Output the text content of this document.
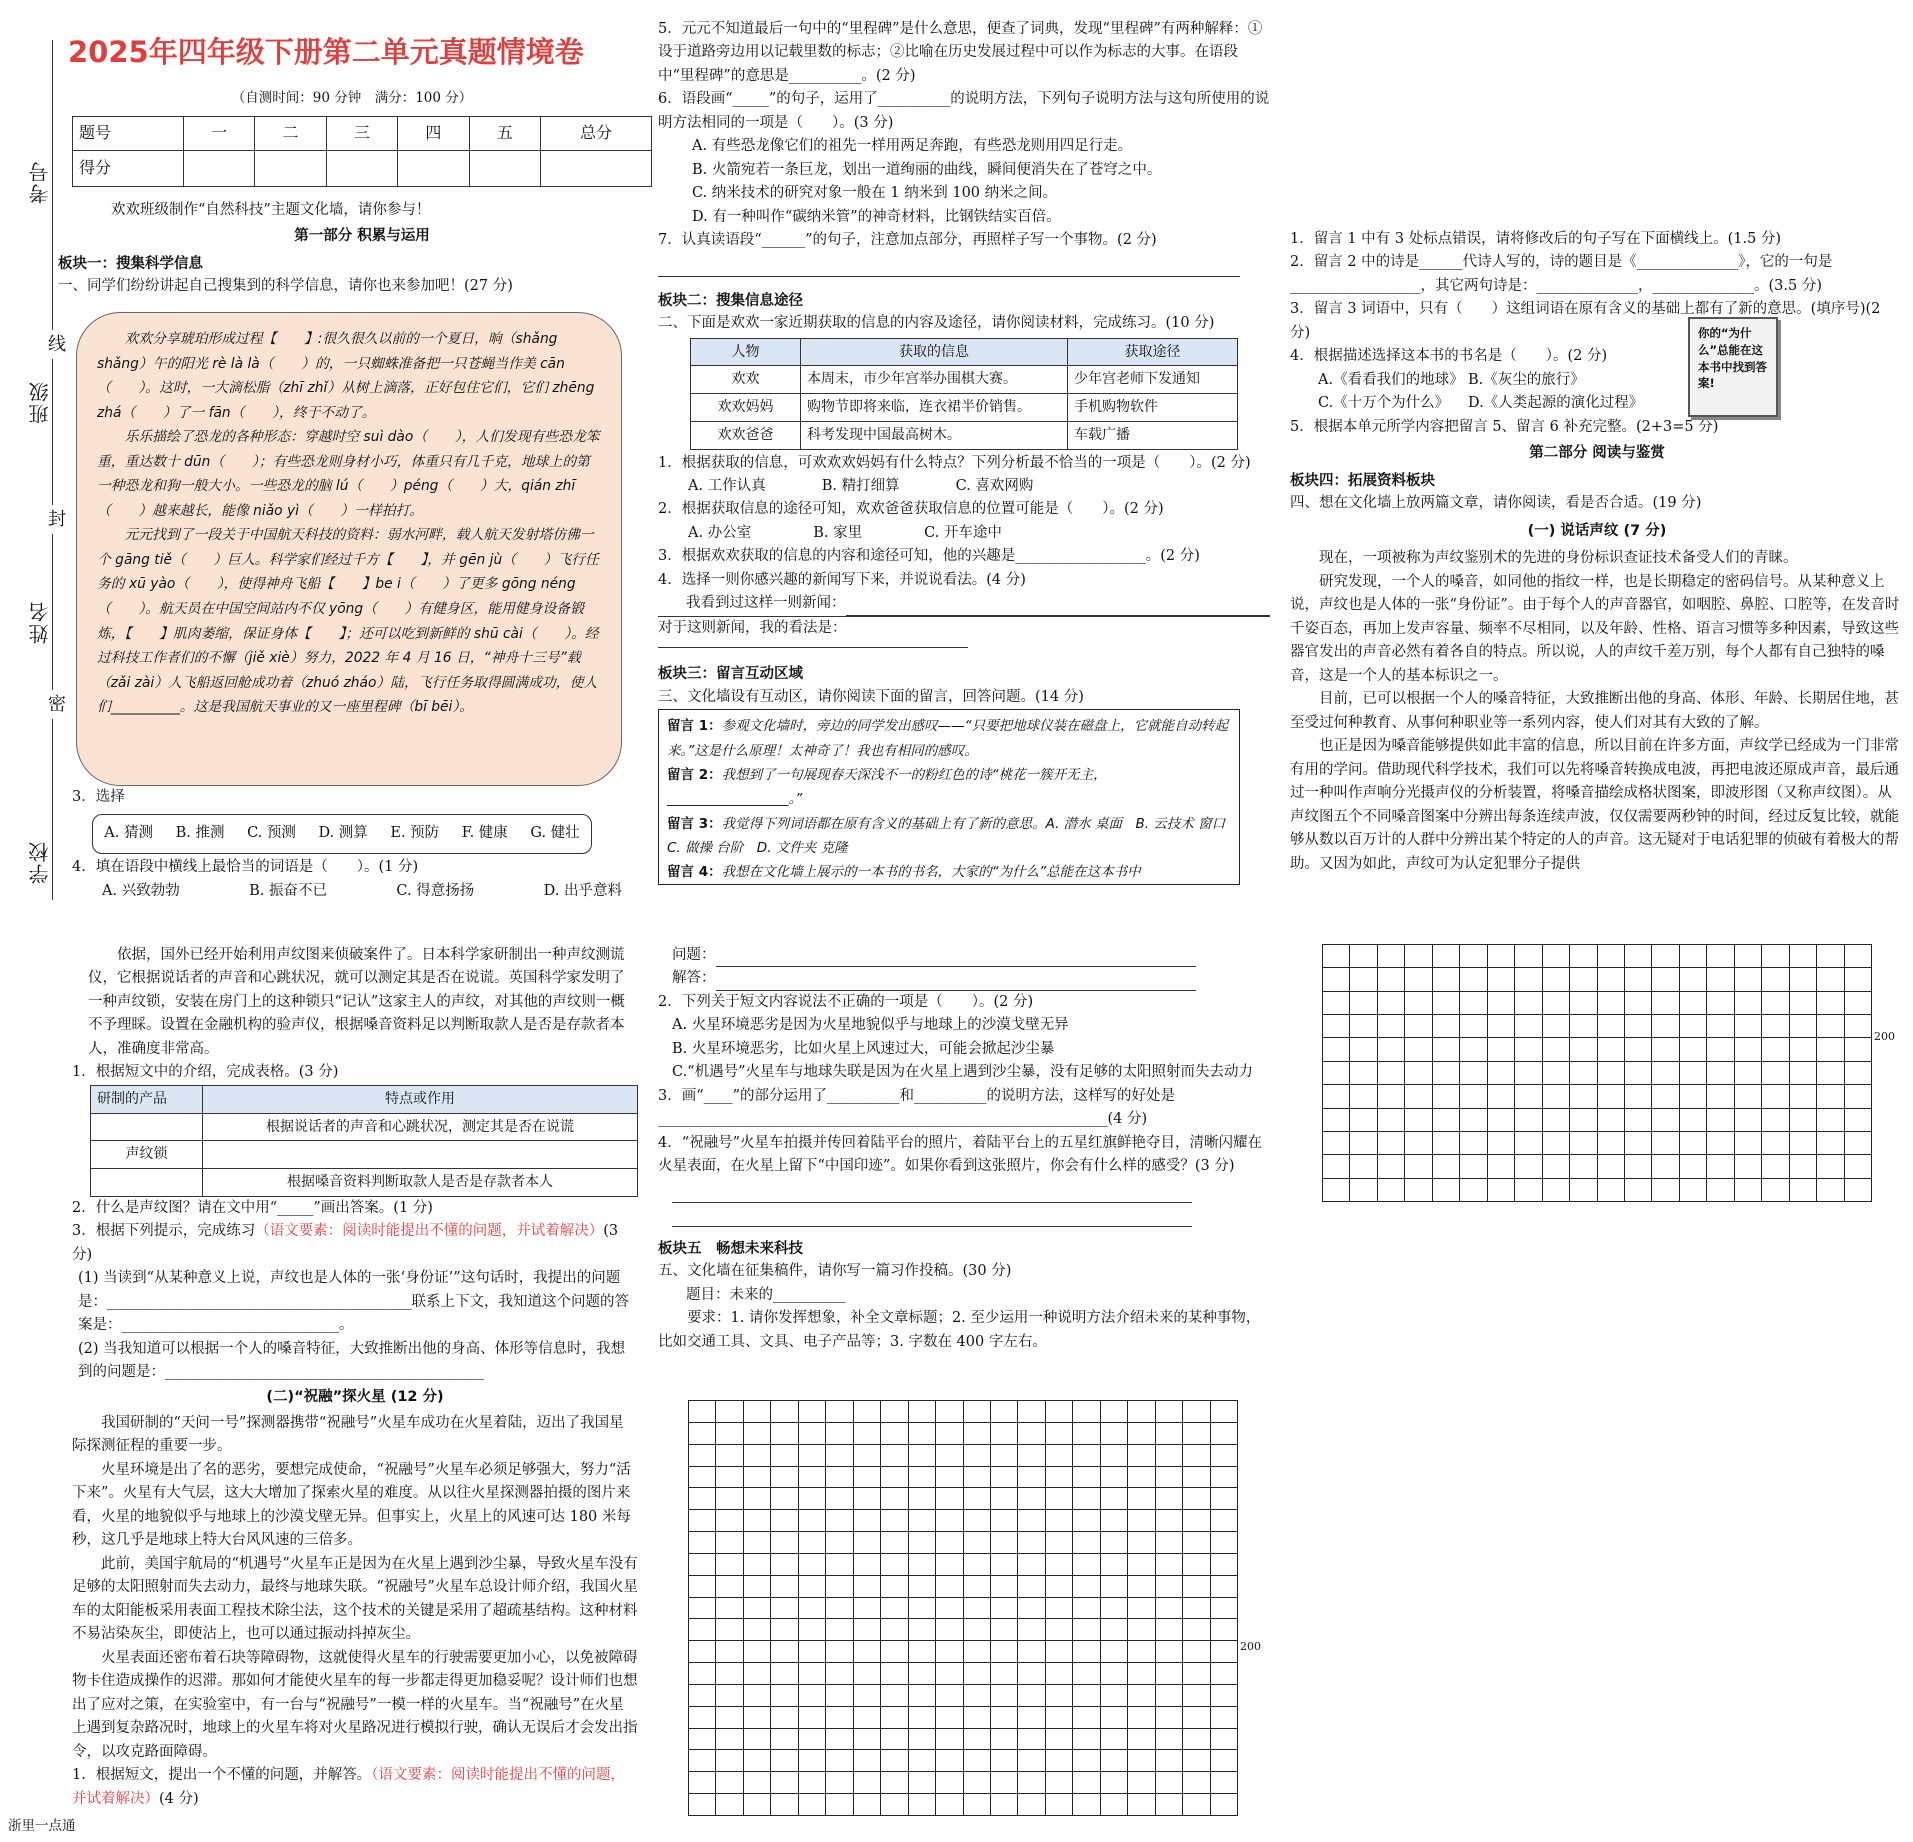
考号
班级
姓名
学校
线
封
密
2025年四年级下册第二单元真题情境卷
（自测时间：90 分钟　满分：100 分）
题号	一	二	三	四	五	总分
得分						
欢欢班级制作“自然科技”主题文化墙，请你参与！
第一部分 积累与运用
板块一：搜集科学信息
一、同学们纷纷讲起自己搜集到的科学信息，请你也来参加吧！(27 分)
欢欢分享琥珀形成过程【　　】:很久很久以前的一个夏日，晌（shǎng shǎng）午的阳光 rè là là（　　）的，一只蜘蛛准备把一只苍蝇当作美 cān（　　）。这时，一大滴松脂（zhī zhǐ）从树上滴落，正好包住它们，它们 zhēng zhá（　　）了一 fān（　　），终于不动了。
乐乐描绘了恐龙的各种形态：穿越时空 suì dào（　　），人们发现有些恐龙笨重，重达数十 dūn（　　）；有些恐龙则身材小巧，体重只有几千克，地球上的第一种恐龙和狗一般大小。一些恐龙的脑 lú（　　）péng（　　）大，qián zhī（　　）越来越长，能像 niǎo yì（　　）一样拍打。
元元找到了一段关于中国航天科技的资料：弱水河畔，载人航天发射塔仿佛一个 gāng tiě（　　）巨人。科学家们经过千方【　　】，并 gēn jù（　　）飞行任务的 xū yào（　　），使得神舟飞船【　　】be i（　　）了更多 gōng néng（　　）。航天员在中国空间站内不仅 yōng（　　）有健身区，能用健身设备锻炼，【　　】肌肉萎缩，保证身体【　　】；还可以吃到新鲜的 shū cài（　　）。经过科技工作者们的不懈（jiě xiè）努力，2022 年 4 月 16 日，“神舟十三号”载（zǎi zài）人飞船返回舱成功着（zhuó zháo）陆，飞行任务取得圆满成功，使人们__________。这是我国航天事业的又一座里程碑（bī bēi）。
3．选择
A. 猜测 B. 推测 C. 预测 D. 测算 E. 预防 F. 健康 G. 健壮
4．填在语段中横线上最恰当的词语是（　　）。(1 分)
A. 兴致勃勃	B. 振奋不已	C. 得意扬扬	D. 出乎意料
5．元元不知道最后一句中的“里程碑”是什么意思，便查了词典，发现“里程碑”有两种解释：①设于道路旁边用以记载里数的标志；②比喻在历史发展过程中可以作为标志的大事。在语段中“里程碑”的意思是__________。(2 分)
6．语段画“_____”的句子，运用了__________的说明方法，下列句子说明方法与这句所使用的说明方法相同的一项是（　　）。(3 分)
A. 有些恐龙像它们的祖先一样用两足奔跑，有些恐龙则用四足行走。
B. 火箭宛若一条巨龙，划出一道绚丽的曲线，瞬间便消失在了苍穹之中。
C. 纳米技术的研究对象一般在 1 纳米到 100 纳米之间。
D. 有一种叫作“碳纳米管”的神奇材料，比钢铁结实百倍。
7．认真读语段“______”的句子，注意加点部分，再照样子写一个事物。(2 分)
板块二：搜集信息途径
二、下面是欢欢一家近期获取的信息的内容及途径，请你阅读材料，完成练习。(10 分)
人物	获取的信息	获取途径
欢欢	本周末，市少年宫举办围棋大赛。	少年宫老师下发通知
欢欢妈妈	购物节即将来临，连衣裙半价销售。	手机购物软件
欢欢爸爸	科考发现中国最高树木。	车载广播
1．根据获取的信息，可欢欢欢妈妈有什么特点？下列分析最不恰当的一项是（　　）。(2 分)
A. 工作认真	B. 精打细算	C. 喜欢网购
2．根据获取信息的途径可知，欢欢爸爸获取信息的位置可能是（　　）。(2 分)
A. 办公室	B. 家里	C. 开车途中
3．根据欢欢获取的信息的内容和途径可知，他的兴趣是__________________。(2 分)
4．选择一则你感兴趣的新闻写下来，并说说看法。(4 分)
我看到过这样一则新闻：
对于这则新闻，我的看法是：
板块三：留言互动区域
三、文化墙设有互动区，请你阅读下面的留言，回答问题。(14 分)
留言 1：参观文化墙时，旁边的同学发出感叹——“只要把地球仪装在磁盘上，它就能自动转起来。”这是什么原理！太神奇了！我也有相同的感叹。
留言 2：我想到了一句展现春天深浅不一的粉红色的诗“桃花一簇开无主，__________________。”
留言 3：我觉得下列词语都在原有含义的基础上有了新的意思。A. 潜水 桌面　B. 云技术 窗口　C. 做操 台阶　D. 文件夹 克隆
留言 4：我想在文化墙上展示的一本书的书名，大家的“为什么”总能在这本书中
1．留言 1 中有 3 处标点错误，请将修改后的句子写在下面横线上。(1.5 分)
2．留言 2 中的诗是______代诗人写的，诗的题目是《______________》，它的一句是__________________，其它两句诗是：______________，______________。(3.5 分)
3．留言 3 词语中，只有（　　）这组词语在原有含义的基础上都有了新的意思。(填序号)(2 分)
4．根据描述选择这本书的书名是（　　）。(2 分)
A.《看看我们的地球》 B.《灰尘的旅行》
C.《十万个为什么》	D.《人类起源的演化过程》
你的“为什么”总能在这本书中找到答案!
5．根据本单元所学内容把留言 5、留言 6 补充完整。(2+3=5 分)
第二部分 阅读与鉴赏
板块四：拓展资料板块
四、想在文化墙上放两篇文章，请你阅读，看是否合适。(19 分)
(一) 说话声纹 (7 分)
现在，一项被称为声纹鉴别术的先进的身份标识查证技术备受人们的青睐。
研究发现，一个人的嗓音，如同他的指纹一样，也是长期稳定的密码信号。从某种意义上说，声纹也是人体的一张“身份证”。由于每个人的声音器官，如咽腔、鼻腔、口腔等，在发音时千姿百态，再加上发声容量、频率不尽相同，以及年龄、性格、语言习惯等多种因素，导致这些器官发出的声音必然有着各自的特点。所以说，人的声纹千差万别，每个人都有自己独特的嗓音，这是一个人的基本标识之一。
目前，已可以根据一个人的嗓音特征，大致推断出他的身高、体形、年龄、长期居住地，甚至受过何种教育、从事何种职业等一系列内容，使人们对其有大致的了解。
也正是因为嗓音能够提供如此丰富的信息，所以目前在许多方面，声纹学已经成为一门非常有用的学问。借助现代科学技术，我们可以先将嗓音转换成电波，再把电波还原成声音，最后通过一种叫作声响分光摄声仪的分析装置，将嗓音描绘成格状图案，即波形图（又称声纹图）。从声纹图五个不同嗓音图案中分辨出每条连续声波，仅仅需要两秒钟的时间，经过反复比较，就能够从数以百万计的人群中分辨出某个特定的人的声音。这无疑对于电话犯罪的侦破有着极大的帮助。又因为如此，声纹可为认定犯罪分子提供
依据，国外已经开始利用声纹图来侦破案件了。日本科学家研制出一种声纹测谎仪，它根据说话者的声音和心跳状况，就可以测定其是否在说谎。英国科学家发明了一种声纹锁，安装在房门上的这种锁只“记认”这家主人的声纹，对其他的声纹则一概不予理睬。设置在金融机构的验声仪，根据嗓音资料足以判断取款人是否是存款者本人，准确度非常高。
1．根据短文中的介绍，完成表格。(3 分)
研制的产品	特点或作用
	根据说话者的声音和心跳状况，测定其是否在说谎
声纹锁	
	根据嗓音资料判断取款人是否是存款者本人
2．什么是声纹图？请在文中用“_____”画出答案。(1 分)
3．根据下列提示，完成练习（语文要素：阅读时能提出不懂的问题，并试着解决）(3 分)
(1) 当读到“从某种意义上说，声纹也是人体的一张‘身份证’”这句话时，我提出的问题是：__________________________________________联系上下文，我知道这个问题的答案是：______________________________。
(2) 当我知道可以根据一个人的嗓音特征，大致推断出他的身高、体形等信息时，我想到的问题是：____________________________________________
(二)“祝融”探火星 (12 分)
我国研制的“天问一号”探测器携带“祝融号”火星车成功在火星着陆，迈出了我国星际探测征程的重要一步。
火星环境是出了名的恶劣，要想完成使命，“祝融号”火星车必须足够强大，努力“活下来”。火星有大气层，这大大增加了探索火星的难度。从以往火星探测器拍摄的图片来看，火星的地貌似乎与地球上的沙漠戈壁无异。但事实上，火星上的风速可达 180 米每秒，这几乎是地球上特大台风风速的三倍多。
此前，美国宇航局的“机遇号”火星车正是因为在火星上遇到沙尘暴，导致火星车没有足够的太阳照射而失去动力，最终与地球失联。“祝融号”火星车总设计师介绍，我国火星车的太阳能板采用表面工程技术除尘法，这个技术的关键是采用了超疏基结构。这种材料不易沾染灰尘，即使沾上，也可以通过振动抖掉灰尘。
火星表面还密布着石块等障碍物，这就使得火星车的行驶需要更加小心，以免被障碍物卡住造成操作的迟滞。那如何才能使火星车的每一步都走得更加稳妥呢？设计师们也想出了应对之策，在实验室中，有一台与“祝融号”一模一样的火星车。当“祝融号”在火星上遇到复杂路况时，地球上的火星车将对火星路况进行模拟行驶，确认无误后才会发出指令，以攻克路面障碍。
1．根据短文，提出一个不懂的问题，并解答。（语文要素：阅读时能提出不懂的问题，并试着解决）(4 分)
浙里一点通
问题：
解答：
2．下列关于短文内容说法不正确的一项是（　　）。(2 分)
A. 火星环境恶劣是因为火星地貌似乎与地球上的沙漠戈壁无异
B. 火星环境恶劣，比如火星上风速过大，可能会掀起沙尘暴
C.“机遇号”火星车与地球失联是因为在火星上遇到沙尘暴，没有足够的太阳照射而失去动力
3．画“____”的部分运用了__________和__________的说明方法，这样写的好处是______________________________________________________________(4 分)
4．“祝融号”火星车拍摄并传回着陆平台的照片，着陆平台上的五星红旗鲜艳夺目，清晰闪耀在火星表面，在火星上留下“中国印迹”。如果你看到这张照片，你会有什么样的感受？(3 分)
板块五　畅想未来科技
五、文化墙在征集稿件，请你写一篇习作投稿。(30 分)
题目：未来的__________
要求：1. 请你发挥想象，补全文章标题；2. 至少运用一种说明方法介绍未来的某种事物，比如交通工具、文具、电子产品等；3. 字数在 400 字左右。
200
200
